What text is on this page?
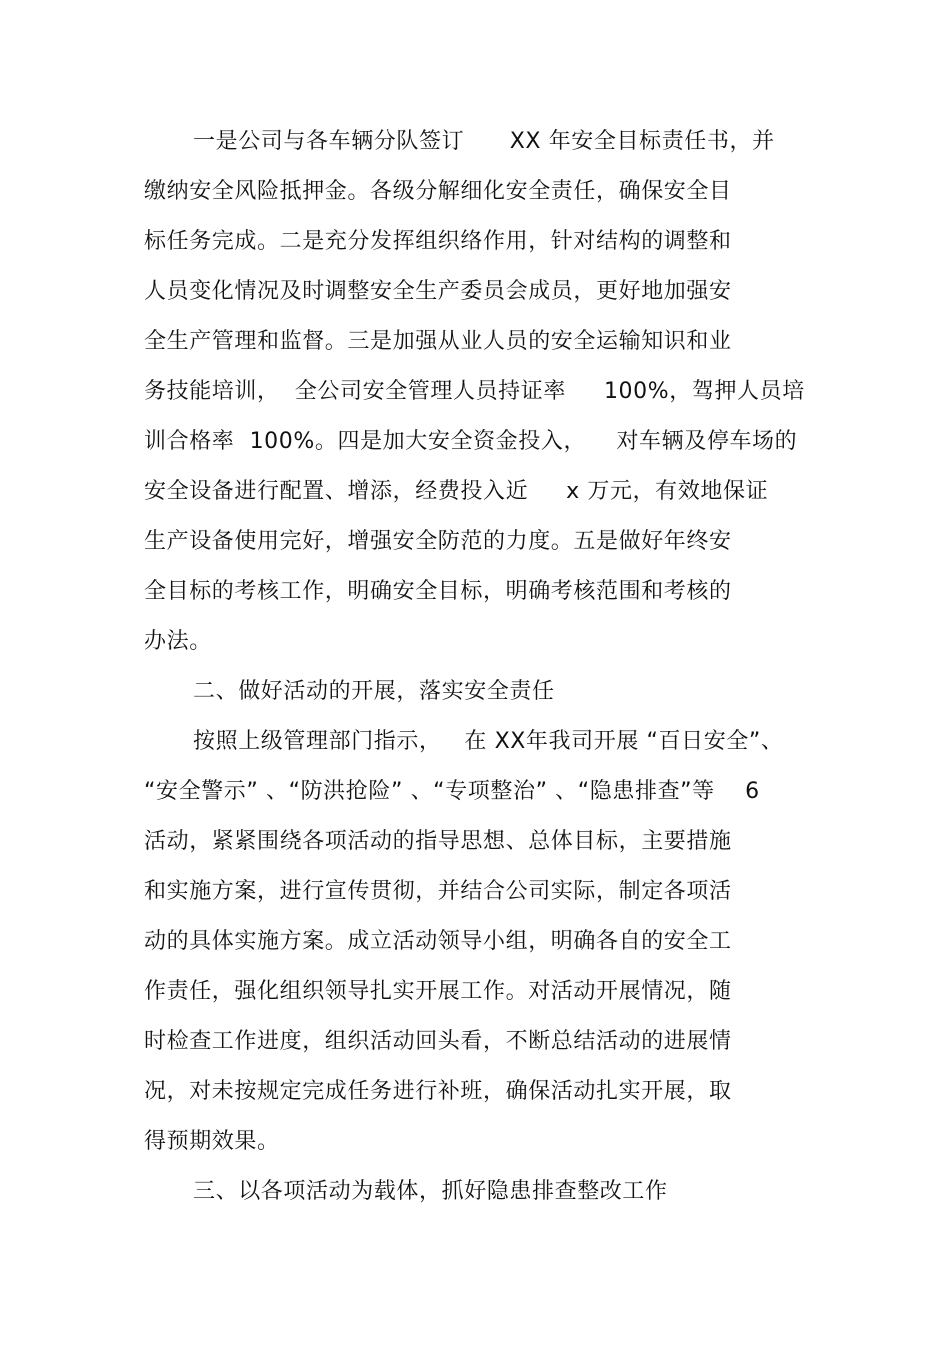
一是公司与各车辆分队签订      XX 年安全目标责任书，并
缴纳安全风险抵押金。各级分解细化安全责任，确保安全目
标任务完成。二是充分发挥组织络作用，针对结构的调整和
人员变化情况及时调整安全生产委员会成员，更好地加强安
全生产管理和监督。三是加强从业人员的安全运输知识和业
务技能培训，  全公司安全管理人员持证率     100%，驾押人员培
训合格率  100%。四是加大安全资金投入，    对车辆及停车场的
安全设备进行配置、增添，经费投入近     x 万元，有效地保证
生产设备使用完好，增强安全防范的力度。五是做好年终安
全目标的考核工作，明确安全目标，明确考核范围和考核的
办法。
二、做好活动的开展，落实安全责任
按照上级管理部门指示，   在 XX年我司开展 “百日安全”、
“安全警示” 、“防洪抢险” 、“专项整治” 、“隐患排查”等    6
活动，紧紧围绕各项活动的指导思想、总体目标，主要措施
和实施方案，进行宣传贯彻，并结合公司实际，制定各项活
动的具体实施方案。成立活动领导小组，明确各自的安全工
作责任，强化组织领导扎实开展工作。对活动开展情况，随
时检查工作进度，组织活动回头看，不断总结活动的进展情
况，对未按规定完成任务进行补班，确保活动扎实开展，取
得预期效果。
三、以各项活动为载体，抓好隐患排查整改工作
